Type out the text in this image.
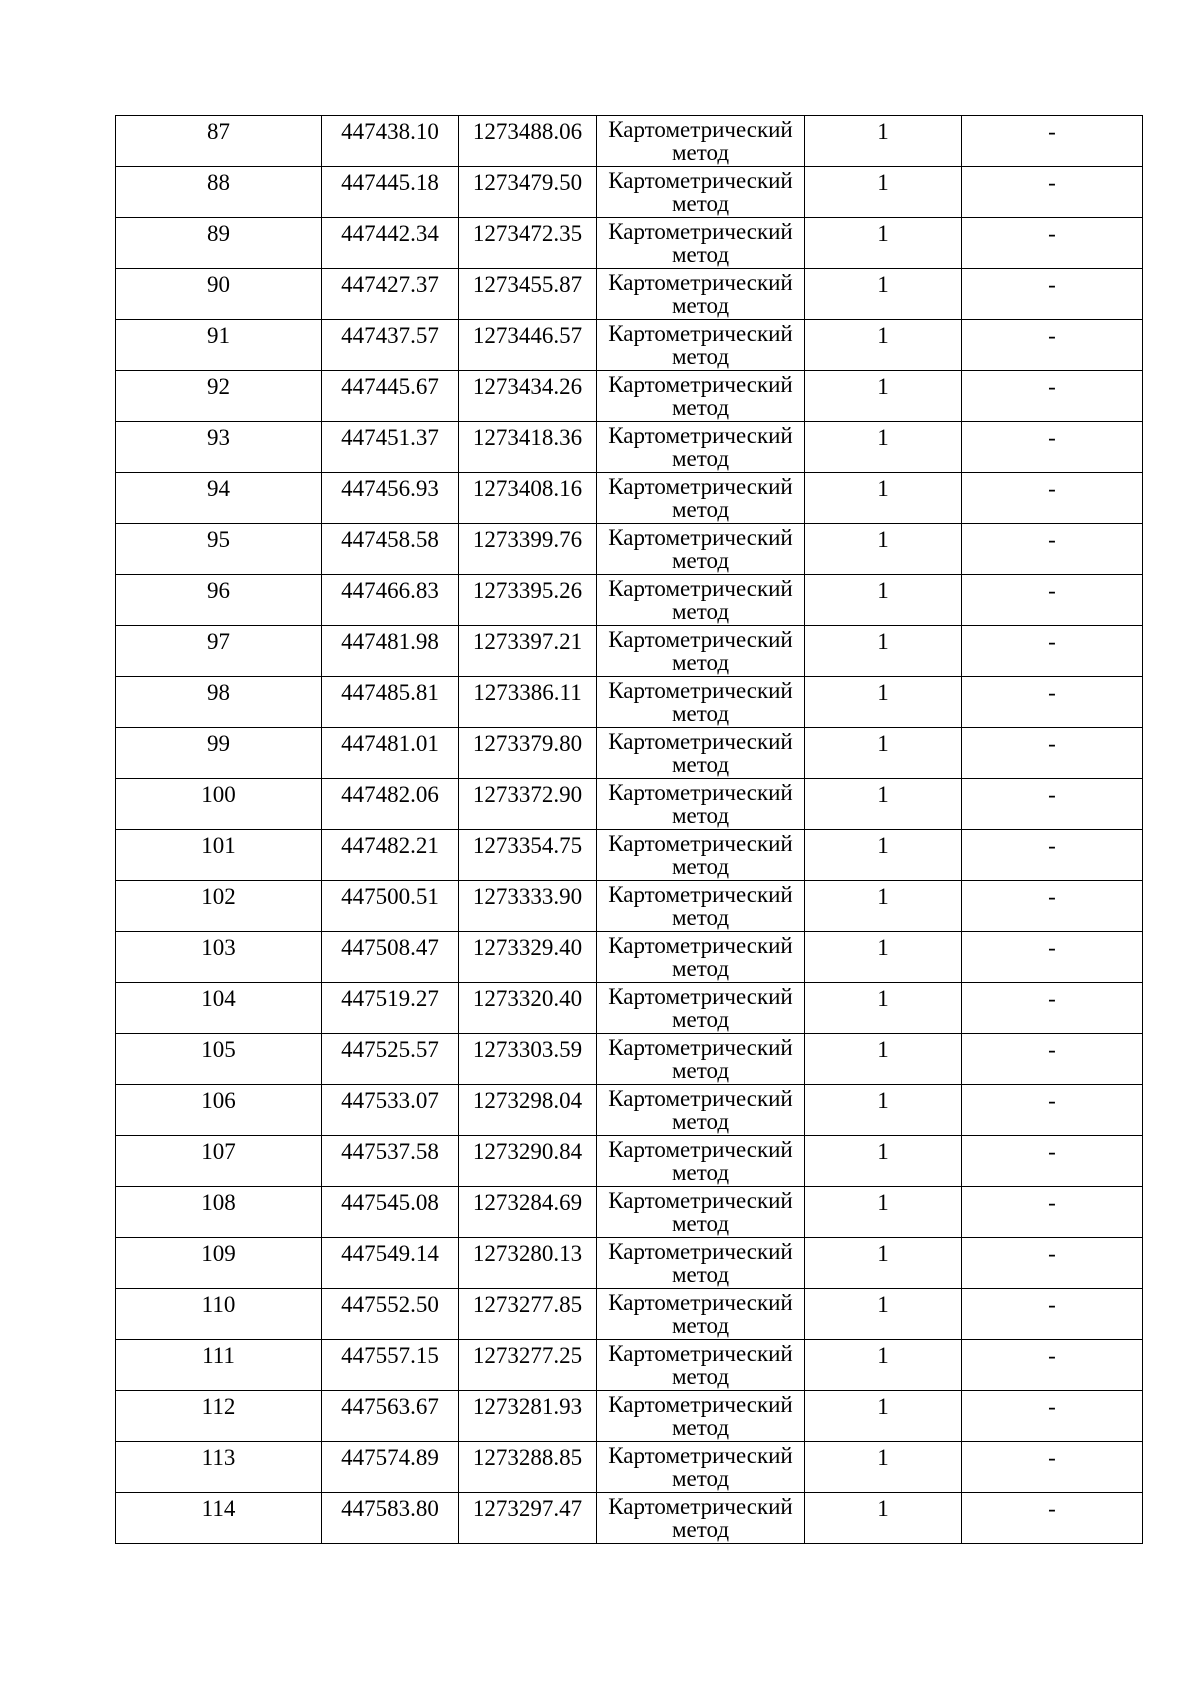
87	447438.10	1273488.06	Картометрический метод	1	-

88	447445.18	1273479.50	Картометрический метод	1	-

89	447442.34	1273472.35	Картометрический метод	1	-

90	447427.37	1273455.87	Картометрический метод	1	-

91	447437.57	1273446.57	Картометрический метод	1	-

92	447445.67	1273434.26	Картометрический метод	1	-

93	447451.37	1273418.36	Картометрический метод	1	-

94	447456.93	1273408.16	Картометрический метод	1	-

95	447458.58	1273399.76	Картометрический метод	1	-

96	447466.83	1273395.26	Картометрический метод	1	-

97	447481.98	1273397.21	Картометрический метод	1	-

98	447485.81	1273386.11	Картометрический метод	1	-

99	447481.01	1273379.80	Картометрический метод	1	-

100	447482.06	1273372.90	Картометрический метод	1	-

101	447482.21	1273354.75	Картометрический метод	1	-

102	447500.51	1273333.90	Картометрический метод	1	-

103	447508.47	1273329.40	Картометрический метод	1	-

104	447519.27	1273320.40	Картометрический метод	1	-

105	447525.57	1273303.59	Картометрический метод	1	-

106	447533.07	1273298.04	Картометрический метод	1	-

107	447537.58	1273290.84	Картометрический метод	1	-

108	447545.08	1273284.69	Картометрический метод	1	-

109	447549.14	1273280.13	Картометрический метод	1	-

110	447552.50	1273277.85	Картометрический метод	1	-

111	447557.15	1273277.25	Картометрический метод	1	-

112	447563.67	1273281.93	Картометрический метод	1	-

113	447574.89	1273288.85	Картометрический метод	1	-

114	447583.80	1273297.47	Картометрический метод	1	-
